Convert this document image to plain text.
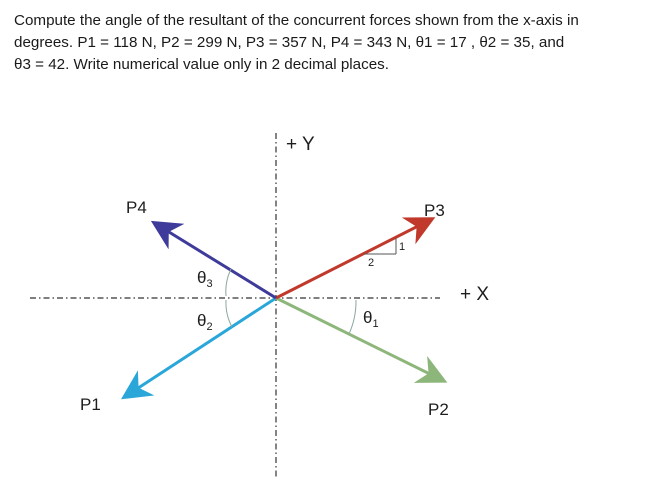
Compute the angle of the resultant of the concurrent forces shown from the x-axis in

degrees. P1 = 118 N, P2 = 299 N, P3 = 357 N, P4 = 343 N, θ1 = 17 , θ2 = 35, and

θ3 = 42. Write numerical value only in 2 decimal places.

+ Y
+ X
1
2
$\theta_3$
$\theta_2$	$\theta_1$
P4	P3
P1	P2
